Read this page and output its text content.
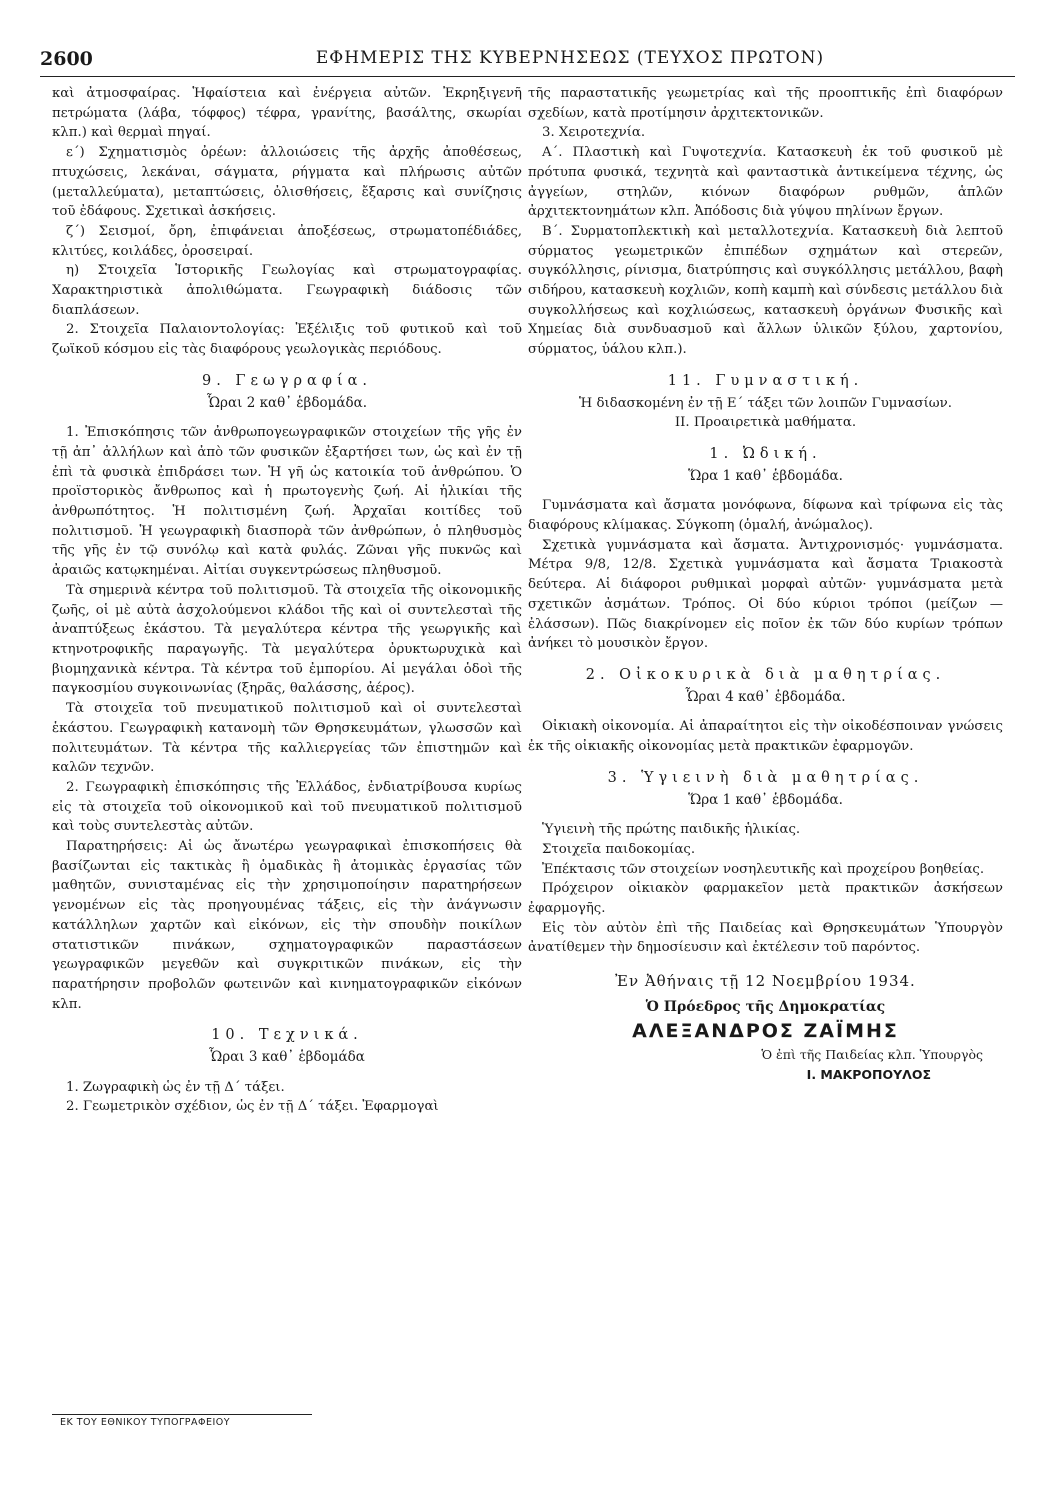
2600	ΕΦΗΜΕΡΙΣ ΤΗΣ ΚΥΒΕΡΝΗΣΕΩΣ (ΤΕΥΧΟΣ ΠΡΩΤΟΝ)

καὶ ἀτμοσφαίρας. Ἡφαίστεια καὶ ἐνέργεια αὐτῶν. Ἐκρηξιγενῆ πετρώματα (λάβα, τόφφος) τέφρα, γρανίτης, βασάλτης, σκωρίαι κλπ.) καὶ θερμαὶ πηγαί.

ε΄) Σχηματισμὸς ὀρέων: ἀλλοιώσεις τῆς ἀρχῆς ἀποθέσεως, πτυχώσεις, λεκάναι, σάγματα, ρήγματα καὶ πλήρωσις αὐτῶν (μεταλλεύματα), μεταπτώσεις, ὀλισθήσεις, ἔξαρσις καὶ συνίζησις τοῦ ἐδάφους. Σχετικαὶ ἀσκήσεις.

ζ΄) Σεισμοί, ὄρη, ἐπιφάνειαι ἀποξέσεως, στρωματοπέδιάδες, κλιτύες, κοιλάδες, ὀροσειραί.

η) Στοιχεῖα Ἱστορικῆς Γεωλογίας καὶ στρωματογραφίας. Χαρακτηριστικὰ ἀπολιθώματα. Γεωγραφικὴ διάδοσις τῶν διαπλάσεων.

2. Στοιχεῖα Παλαιοντολογίας: Ἐξέλιξις τοῦ φυτικοῦ καὶ τοῦ ζωϊκοῦ κόσμου εἰς τὰς διαφόρους γεωλογικὰς περιόδους.

9. Γεωγραφία.
Ὧραι 2 καθ᾽ ἑβδομάδα.

1. Ἐπισκόπησις τῶν ἀνθρωπογεωγραφικῶν στοιχείων τῆς γῆς ἐν τῇ ἀπ᾽ ἀλλήλων καὶ ἀπὸ τῶν φυσικῶν ἐξαρτήσει των, ὡς καὶ ἐν τῇ ἐπὶ τὰ φυσικὰ ἐπιδράσει των. Ἡ γῆ ὡς κατοικία τοῦ ἀνθρώπου. Ὁ προϊστορικὸς ἄνθρωπος καὶ ἡ πρωτογενὴς ζωή. Αἱ ἡλικίαι τῆς ἀνθρωπότητος. Ἡ πολιτισμένη ζωή. Ἀρχαῖαι κοιτίδες τοῦ πολιτισμοῦ. Ἡ γεωγραφικὴ διασπορὰ τῶν ἀνθρώπων, ὁ πληθυσμὸς τῆς γῆς ἐν τῷ συνόλῳ καὶ κατὰ φυλάς. Ζῶναι γῆς πυκνῶς καὶ ἀραιῶς κατῳκημέναι. Αἰτίαι συγκεντρώσεως πληθυσμοῦ.

Τὰ σημερινὰ κέντρα τοῦ πολιτισμοῦ. Τὰ στοιχεῖα τῆς οἰκονομικῆς ζωῆς, οἱ μὲ αὐτὰ ἀσχολούμενοι κλάδοι τῆς καὶ οἱ συντελεσταὶ τῆς ἀναπτύξεως ἑκάστου. Τὰ μεγαλύτερα κέντρα τῆς γεωργικῆς καὶ κτηνοτροφικῆς παραγωγῆς. Τὰ μεγαλύτερα ὀρυκτωρυχικὰ καὶ βιομηχανικὰ κέντρα. Τὰ κέντρα τοῦ ἐμπορίου. Αἱ μεγάλαι ὁδοὶ τῆς παγκοσμίου συγκοινωνίας (ξηρᾶς, θαλάσσης, ἀέρος).

Τὰ στοιχεῖα τοῦ πνευματικοῦ πολιτισμοῦ καὶ οἱ συντελεσταὶ ἑκάστου. Γεωγραφικὴ κατανομὴ τῶν Θρησκευμάτων, γλωσσῶν καὶ πολιτευμάτων. Τὰ κέντρα τῆς καλλιεργείας τῶν ἐπιστημῶν καὶ καλῶν τεχνῶν.

2. Γεωγραφικὴ ἐπισκόπησις τῆς Ἑλλάδος, ἐνδιατρίβουσα κυρίως εἰς τὰ στοιχεῖα τοῦ οἰκονομικοῦ καὶ τοῦ πνευματικοῦ πολιτισμοῦ καὶ τοὺς συντελεστὰς αὐτῶν.

Παρατηρήσεις: Αἱ ὡς ἄνωτέρω γεωγραφικαὶ ἐπισκοπήσεις θὰ βασίζωνται εἰς τακτικὰς ἢ ὁμαδικὰς ἢ ἀτομικὰς ἐργασίας τῶν μαθητῶν, συνισταμένας εἰς τὴν χρησιμοποίησιν παρατηρήσεων γενομένων εἰς τὰς προηγουμένας τάξεις, εἰς τὴν ἀνάγνωσιν κατάλληλων χαρτῶν καὶ εἰκόνων, εἰς τὴν σπουδὴν ποικίλων στατιστικῶν πινάκων, σχηματογραφικῶν παραστάσεων γεωγραφικῶν μεγεθῶν καὶ συγκριτικῶν πινάκων, εἰς τὴν παρατήρησιν προβολῶν φωτεινῶν καὶ κινηματογραφικῶν εἰκόνων κλπ.

10. Τεχνικά.
Ὧραι 3 καθ᾽ ἑβδομάδα

1. Ζωγραφικὴ ὡς ἐν τῇ Δ΄ τάξει.

2. Γεωμετρικὸν σχέδιον, ὡς ἐν τῇ Δ΄ τάξει. Ἐφαρμογαὶ

τῆς παραστατικῆς γεωμετρίας καὶ τῆς προοπτικῆς ἐπὶ διαφόρων σχεδίων, κατὰ προτίμησιν ἀρχιτεκτονικῶν.

3. Χειροτεχνία.

Α΄. Πλαστικὴ καὶ Γυψοτεχνία. Κατασκευὴ ἐκ τοῦ φυσικοῦ μὲ πρότυπα φυσικά, τεχνητὰ καὶ φανταστικὰ ἀντικείμενα τέχνης, ὡς ἀγγείων, στηλῶν, κιόνων διαφόρων ρυθμῶν, ἁπλῶν ἀρχιτεκτονημάτων κλπ. Ἀπόδοσις διὰ γύψου πηλίνων ἔργων.

Β΄. Συρματοπλεκτικὴ καὶ μεταλλοτεχνία. Κατασκευὴ διὰ λεπτοῦ σύρματος γεωμετρικῶν ἐπιπέδων σχημάτων καὶ στερεῶν, συγκόλλησις, ρίνισμα, διατρύπησις καὶ συγκόλλησις μετάλλου, βαφὴ σιδήρου, κατασκευὴ κοχλιῶν, κοπὴ καμπὴ καὶ σύνδεσις μετάλλου διὰ συγκολλήσεως καὶ κοχλιώσεως, κατασκευὴ ὀργάνων Φυσικῆς καὶ Χημείας διὰ συνδυασμοῦ καὶ ἄλλων ὑλικῶν ξύλου, χαρτονίου, σύρματος, ὑάλου κλπ.).

11. Γυμναστική.

Ἡ διδασκομένη ἐν τῇ Ε΄ τάξει τῶν λοιπῶν Γυμνασίων.

II. Προαιρετικὰ μαθήματα.

1. Ὠδική.
Ὥρα 1 καθ᾽ ἑβδομάδα.

Γυμνάσματα καὶ ἄσματα μονόφωνα, δίφωνα καὶ τρίφωνα εἰς τὰς διαφόρους κλίμακας. Σύγκοπη (ὁμαλή, ἀνώμαλος).

Σχετικὰ γυμνάσματα καὶ ἄσματα. Ἀντιχρονισμός· γυμνάσματα. Μέτρα 9/8, 12/8. Σχετικὰ γυμνάσματα καὶ ἄσματα Τριακοστὰ δεύτερα. Αἱ διάφοροι ρυθμικαὶ μορφαὶ αὐτῶν· γυμνάσματα μετὰ σχετικῶν ἀσμάτων. Τρόπος. Οἱ δύο κύριοι τρόποι (μείζων — ἐλάσσων). Πῶς διακρίνομεν εἰς ποῖον ἐκ τῶν δύο κυρίων τρόπων ἀνήκει τὸ μουσικὸν ἔργον.

2. Οἰκοκυρικὰ διὰ μαθητρίας.
Ὧραι 4 καθ᾽ ἑβδομάδα.

Οἰκιακὴ οἰκονομία. Αἱ ἀπαραίτητοι εἰς τὴν οἰκοδέσποιναν γνώσεις ἐκ τῆς οἰκιακῆς οἰκονομίας μετὰ πρακτικῶν ἐφαρμογῶν.

3. Ὑγιεινὴ διὰ μαθητρίας.
Ὥρα 1 καθ᾽ ἑβδομάδα.

Ὑγιεινὴ τῆς πρώτης παιδικῆς ἡλικίας.

Στοιχεῖα παιδοκομίας.

Ἐπέκτασις τῶν στοιχείων νοσηλευτικῆς καὶ προχείρου βοηθείας.

Πρόχειρον οἰκιακὸν φαρμακεῖον μετὰ πρακτικῶν ἀσκήσεων ἐφαρμογῆς.

Εἰς τὸν αὐτὸν ἐπὶ τῆς Παιδείας καὶ Θρησκευμάτων Ὑπουργὸν ἀνατίθεμεν τὴν δημοσίευσιν καὶ ἐκτέλεσιν τοῦ παρόντος.

Ἐν Ἀθήναις τῇ 12 Νοεμβρίου 1934.
Ὁ Πρόεδρος τῆς Δημοκρατίας
ΑΛΕΞΑΝΔΡΟΣ ΖΑΪΜΗΣ
Ὁ ἐπὶ τῆς Παιδείας κλπ. Ὑπουργὸς
Ι. ΜΑΚΡΟΠΟΥΛΟΣ
ΕΚ ΤΟΥ ΕΘΝΙΚΟΥ ΤΥΠΟΓΡΑΦΕΙΟΥ
